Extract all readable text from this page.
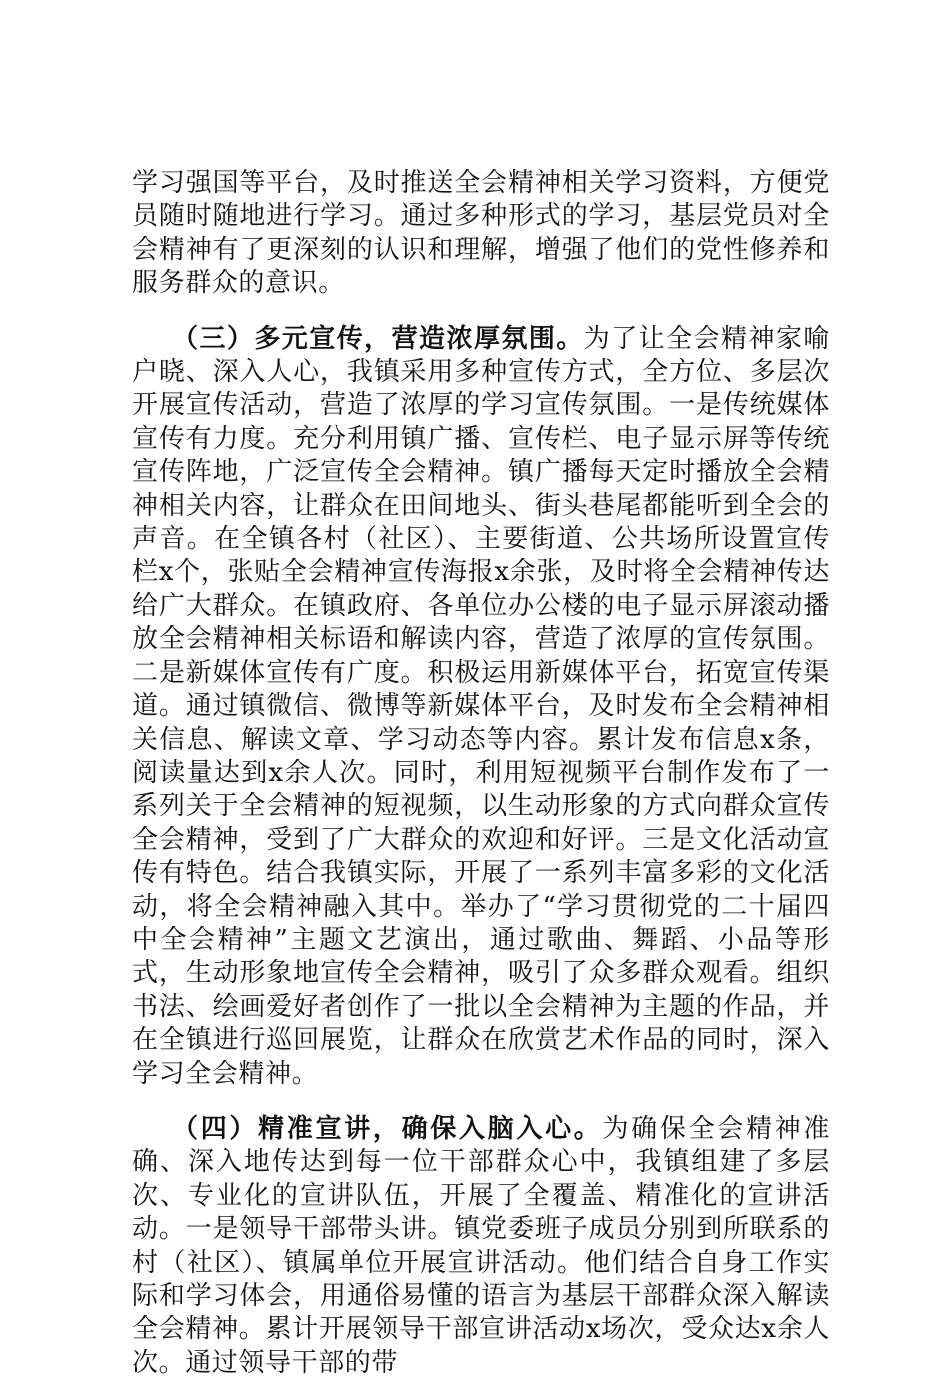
学习强国等平台，及时推送全会精神相关学习资料，方便党员随时随地进行学习。通过多种形式的学习，基层党员对全会精神有了更深刻的认识和理解，增强了他们的党性修养和服务群众的意识。

（三）多元宣传，营造浓厚氛围。为了让全会精神家喻户晓、深入人心，我镇采用多种宣传方式，全方位、多层次开展宣传活动，营造了浓厚的学习宣传氛围。一是传统媒体宣传有力度。充分利用镇广播、宣传栏、电子显示屏等传统宣传阵地，广泛宣传全会精神。镇广播每天定时播放全会精神相关内容，让群众在田间地头、街头巷尾都能听到全会的声音。在全镇各村（社区）、主要街道、公共场所设置宣传栏x个，张贴全会精神宣传海报x余张，及时将全会精神传达给广大群众。在镇政府、各单位办公楼的电子显示屏滚动播放全会精神相关标语和解读内容，营造了浓厚的宣传氛围。二是新媒体宣传有广度。积极运用新媒体平台，拓宽宣传渠道。通过镇微信、微博等新媒体平台，及时发布全会精神相关信息、解读文章、学习动态等内容。累计发布信息x条，阅读量达到x余人次。同时，利用短视频平台制作发布了一系列关于全会精神的短视频，以生动形象的方式向群众宣传全会精神，受到了广大群众的欢迎和好评。三是文化活动宣传有特色。结合我镇实际，开展了一系列丰富多彩的文化活动，将全会精神融入其中。举办了“学习贯彻党的二十届四中全会精神”主题文艺演出，通过歌曲、舞蹈、小品等形式，生动形象地宣传全会精神，吸引了众多群众观看。组织书法、绘画爱好者创作了一批以全会精神为主题的作品，并在全镇进行巡回展览，让群众在欣赏艺术作品的同时，深入学习全会精神。

（四）精准宣讲，确保入脑入心。为确保全会精神准确、深入地传达到每一位干部群众心中，我镇组建了多层次、专业化的宣讲队伍，开展了全覆盖、精准化的宣讲活动。一是领导干部带头讲。镇党委班子成员分别到所联系的村（社区）、镇属单位开展宣讲活动。他们结合自身工作实际和学习体会，用通俗易懂的语言为基层干部群众深入解读全会精神。累计开展领导干部宣讲活动x场次，受众达x余人次。通过领导干部的带
